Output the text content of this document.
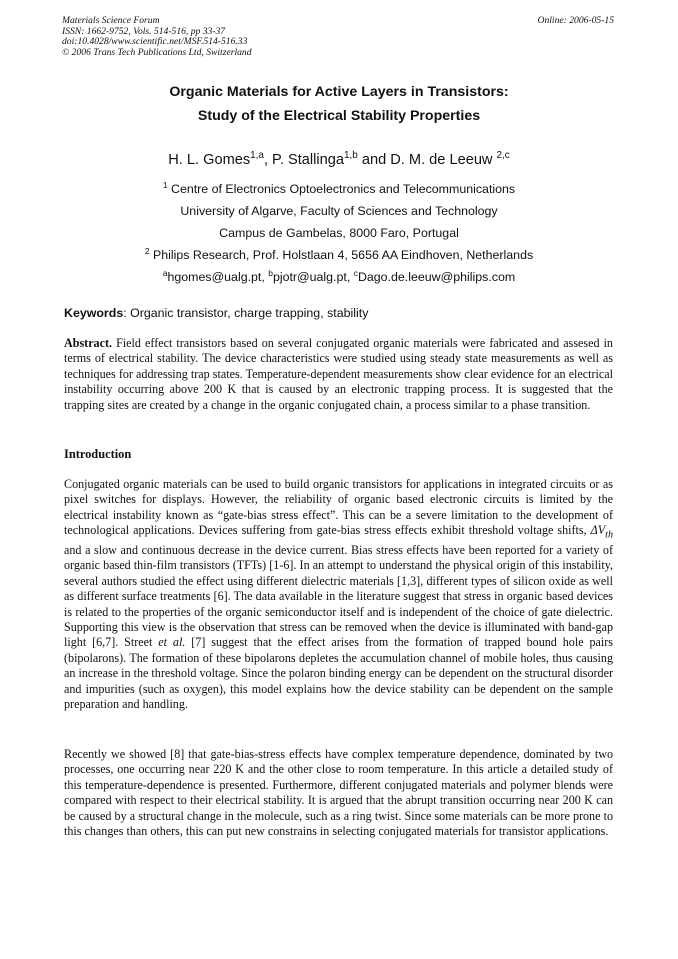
Materials Science Forum
ISSN: 1662-9752, Vols. 514-516, pp 33-37
doi:10.4028/www.scientific.net/MSF.514-516.33
© 2006 Trans Tech Publications Ltd, Switzerland
Online: 2006-05-15
Organic Materials for Active Layers in Transistors:
Study of the Electrical Stability Properties
H. L. Gomes$^{1,a}$, P. Stallinga$^{1,b}$ and D. M. de Leeuw $^{2,c}$
$^1$ Centre of Electronics Optoelectronics and Telecommunications
University of Algarve, Faculty of Sciences and Technology
Campus de Gambelas, 8000 Faro, Portugal
$^2$ Philips Research, Prof. Holstlaan 4, 5656 AA Eindhoven, Netherlands
$^a$hgomes@ualg.pt, $^b$pjotr@ualg.pt, $^c$Dago.de.leeuw@philips.com
Keywords: Organic transistor, charge trapping, stability
Abstract. Field effect transistors based on several conjugated organic materials were fabricated and assesed in terms of electrical stability. The device characteristics were studied using steady state measurements as well as techniques for addressing trap states. Temperature-dependent measurements show clear evidence for an electrical instability occurring above 200 K that is caused by an electronic trapping process. It is suggested that the trapping sites are created by a change in the organic conjugated chain, a process similar to a phase transition.
Introduction

Conjugated organic materials can be used to build organic transistors for applications in integrated circuits or as pixel switches for displays. However, the reliability of organic based electronic circuits is limited by the electrical instability known as “gate-bias stress effect”. This can be a severe limitation to the development of technological applications. Devices suffering from gate-bias stress effects exhibit threshold voltage shifts, $\Delta V_{th}$ and a slow and continuous decrease in the device current. Bias stress effects have been reported for a variety of organic based thin-film transistors (TFTs) [1-6]. In an attempt to understand the physical origin of this instability, several authors studied the effect using different dielectric materials [1,3], different types of silicon oxide as well as different surface treatments [6]. The data available in the literature suggest that stress in organic based devices is related to the properties of the organic semiconductor itself and is independent of the choice of gate dielectric. Supporting this view is the observation that stress can be removed when the device is illuminated with band-gap light [6,7]. Street et al. [7] suggest that the effect arises from the formation of trapped bound hole pairs (bipolarons). The formation of these bipolarons depletes the accumulation channel of mobile holes, thus causing an increase in the threshold voltage. Since the polaron binding energy can be dependent on the structural disorder and impurities (such as oxygen), this model explains how the device stability can be dependent on the sample preparation and handling.

Recently we showed [8] that gate-bias-stress effects have complex temperature dependence, dominated by two processes, one occurring near 220 K and the other close to room temperature. In this article a detailed study of this temperature-dependence is presented. Furthermore, different conjugated materials and polymer blends were compared with respect to their electrical stability. It is argued that the abrupt transition occurring near 200 K can be caused by a structural change in the molecule, such as a ring twist. Since some materials can be more prone to this changes than others, this can put new constrains in selecting conjugated materials for transistor applications.
